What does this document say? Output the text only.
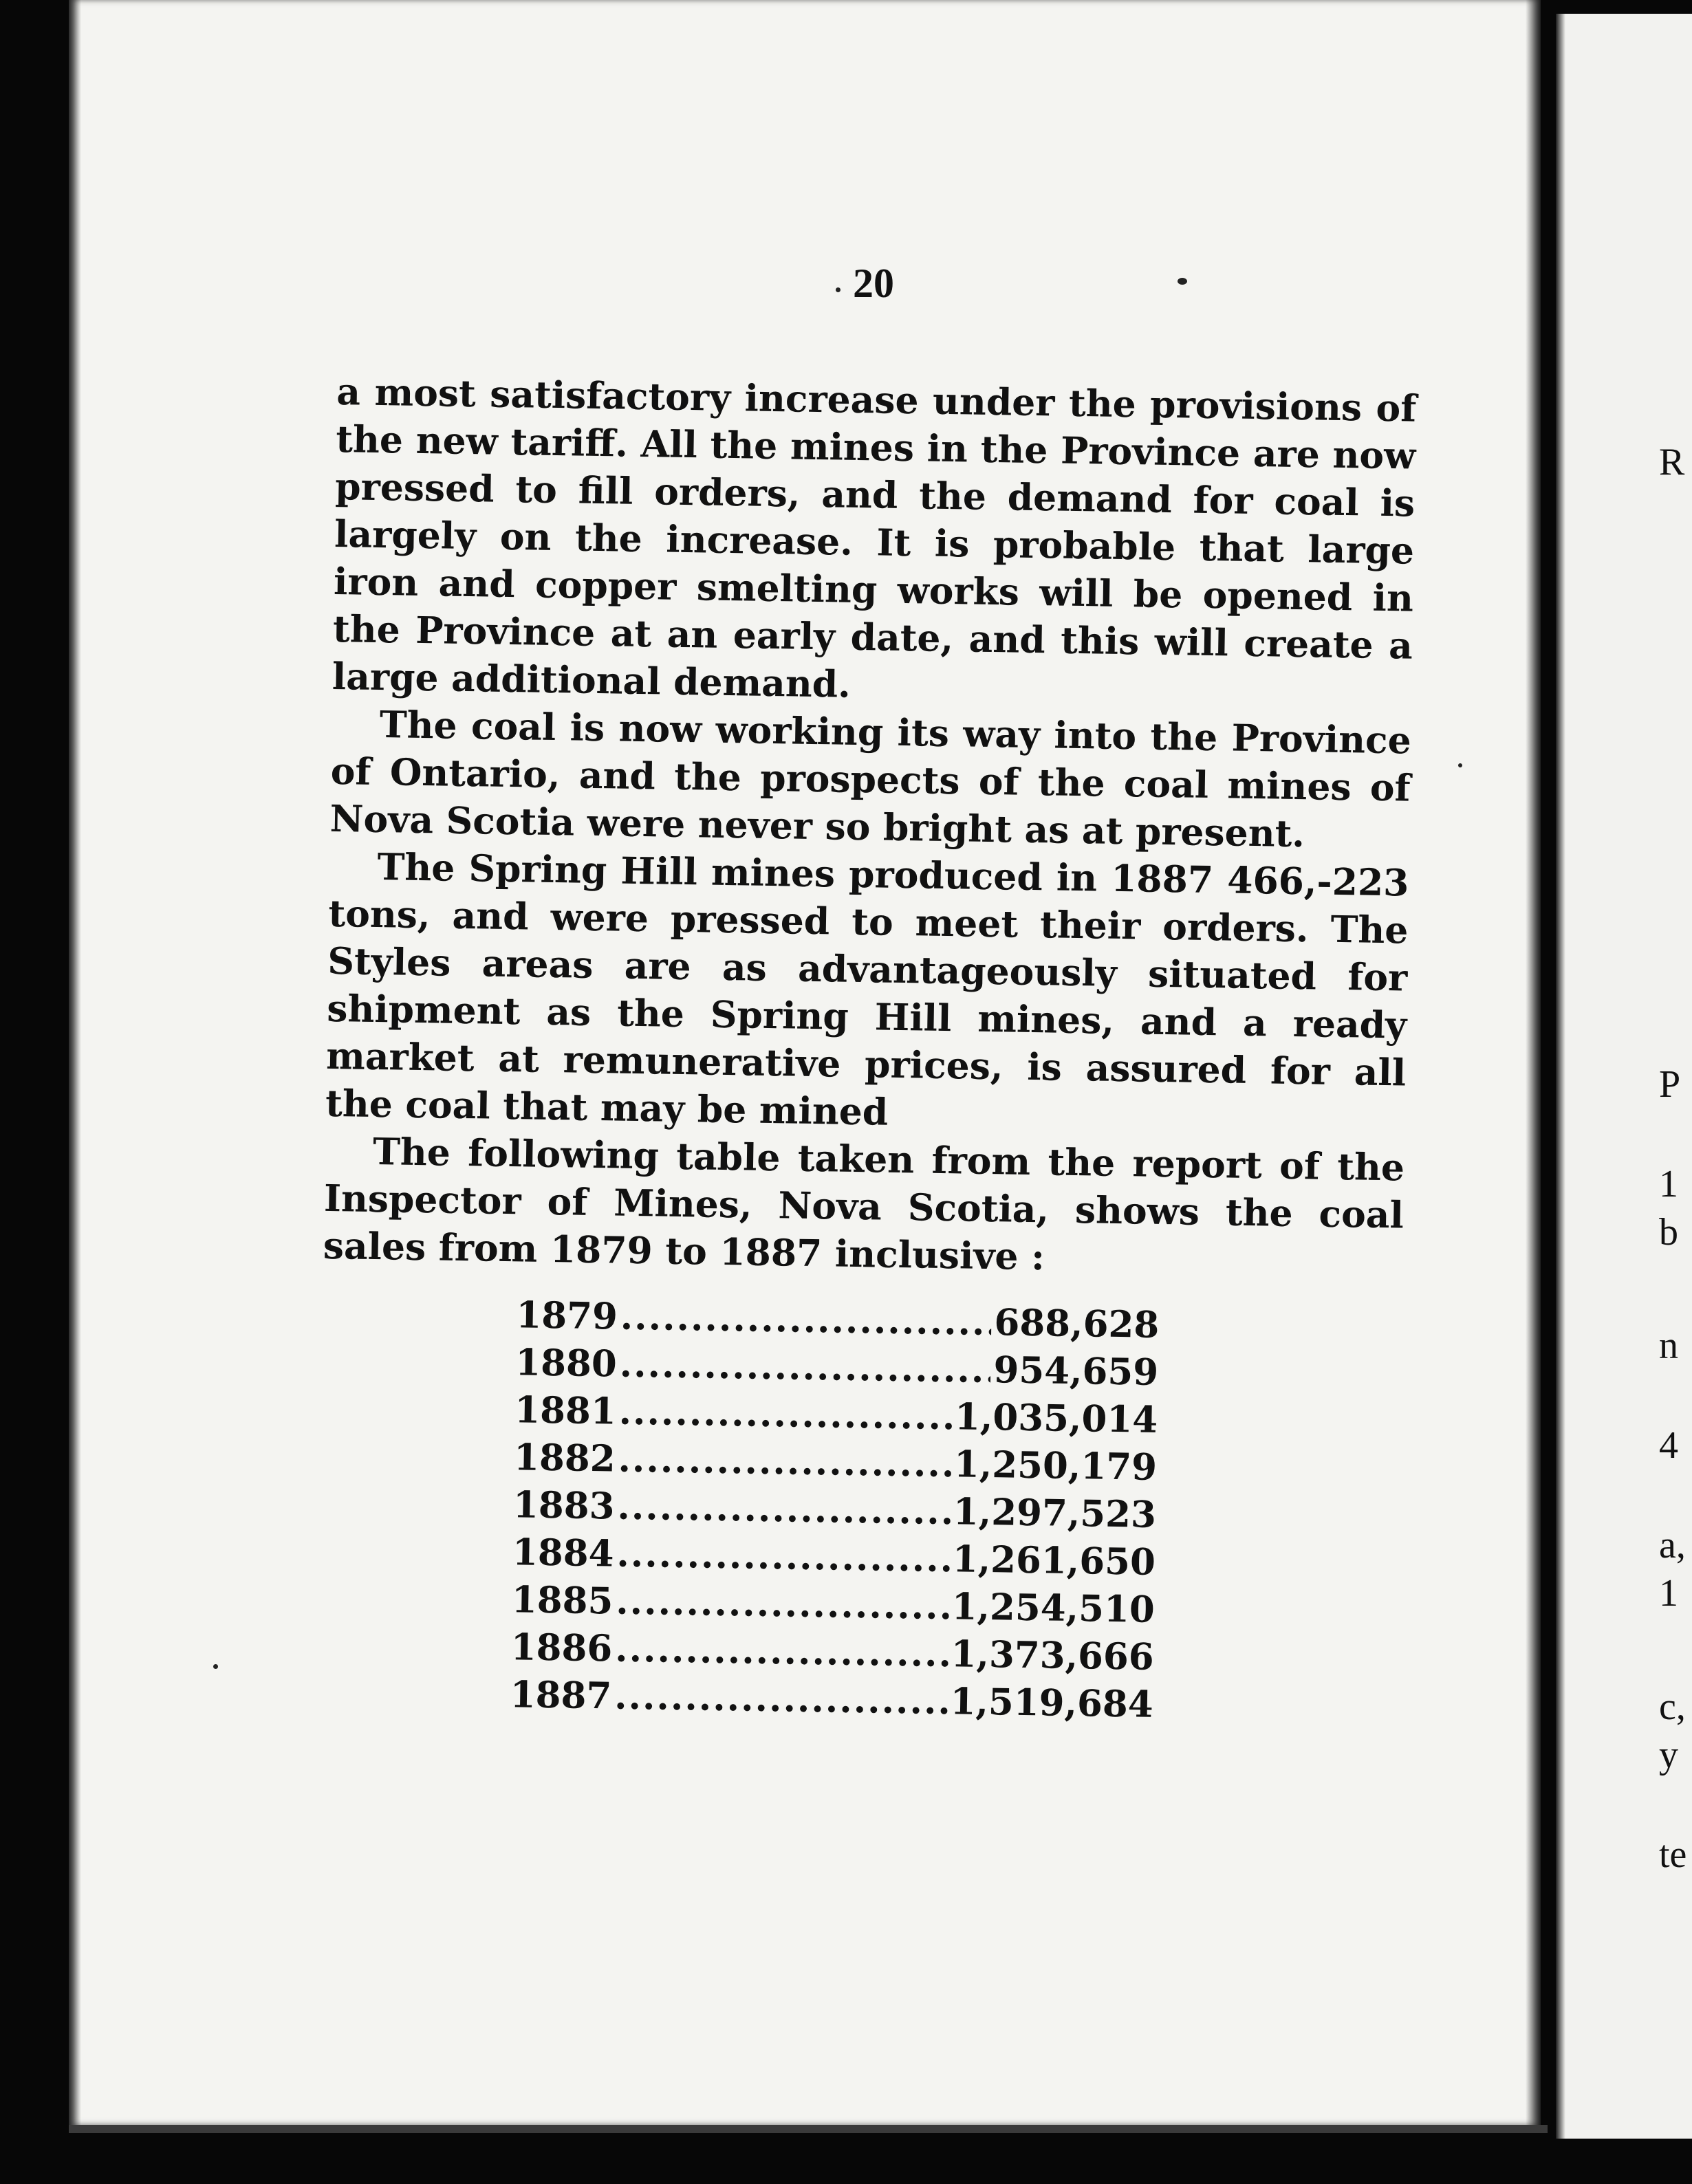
R
P
1
b
n
4
a,
1
c,
y
te
20

a most satisfactory increase under the provisions of the new tariff. All the mines in the Province are now pressed to fill orders, and the demand for coal is largely on the increase. It is probable that large iron and copper smelting works will be opened in the Province at an early date, and this will create a large additional demand.

The coal is now working its way into the Province of Ontario, and the prospects of the coal mines of Nova Scotia were never so bright as at present.

The Spring Hill mines produced in 1887 466,-223 tons, and were pressed to meet their orders. The Styles areas are as advantageously situated for shipment as the Spring Hill mines, and a ready market at remunerative prices, is assured for all the coal that may be mined

The following table taken from the report of the Inspector of Mines, Nova Scotia, shows the coal sales from 1879 to 1887 inclusive :

1879 .....	688,628
1880 .....	954,659
1881 .....	1,035,014
1882 .....	1,250,179
1883 .....	1,297,523
1884 .....	1,261,650
1885 .....	1,254,510
1886 .....	1,373,666
1887 .....	1,519,684
